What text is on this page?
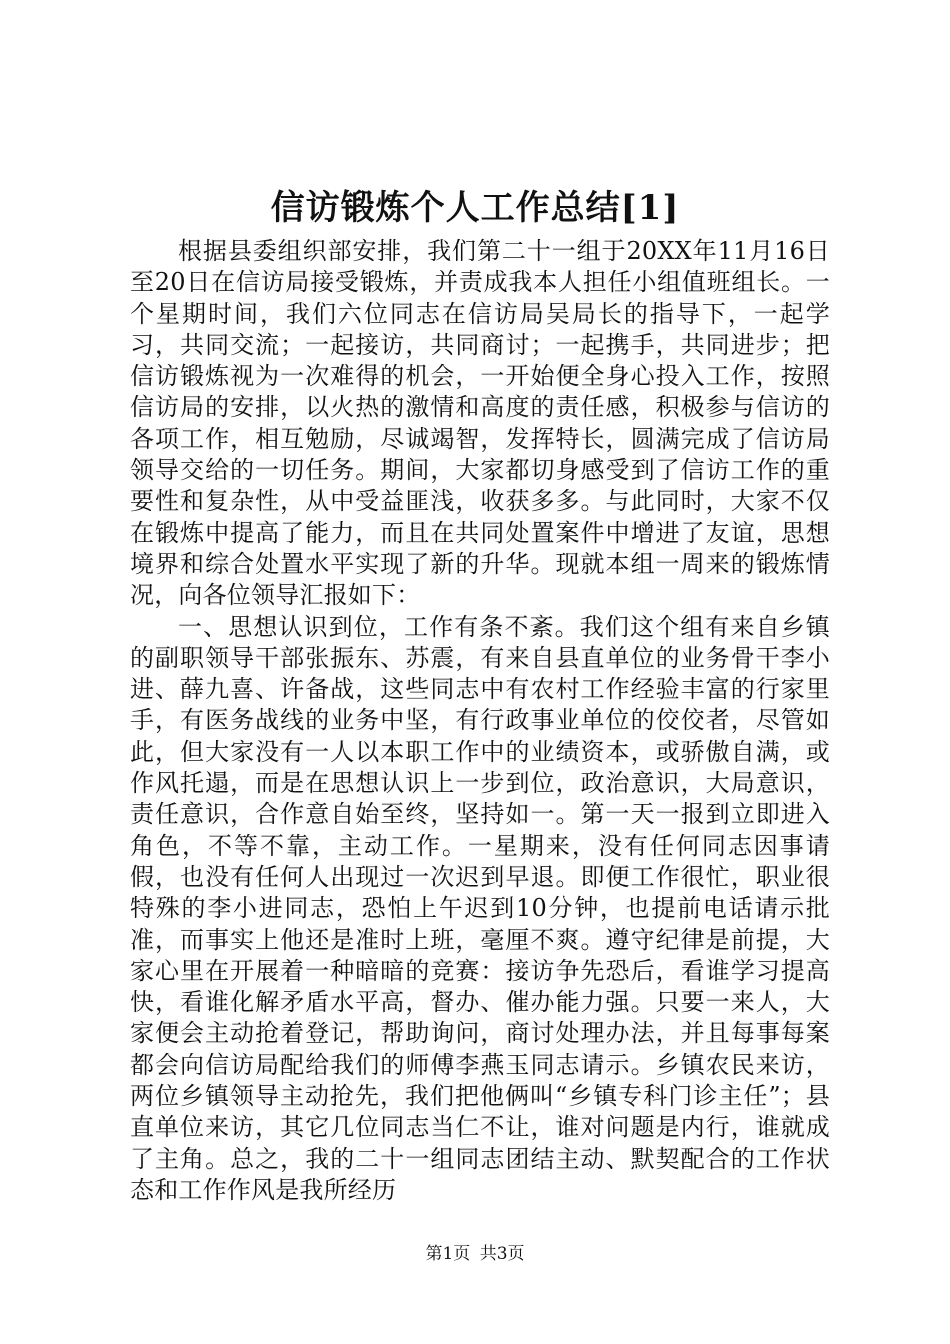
信访锻炼个人工作总结[1]

根据县委组织部安排，我们第二十一组于20XX年11月16日至20日在信访局接受锻炼，并责成我本人担任小组值班组长。一个星期时间，我们六位同志在信访局吴局长的指导下，一起学习，共同交流；一起接访，共同商讨；一起携手，共同进步；把信访锻炼视为一次难得的机会，一开始便全身心投入工作，按照信访局的安排，以火热的激情和高度的责任感，积极参与信访的各项工作，相互勉励，尽诚竭智，发挥特长，圆满完成了信访局领导交给的一切任务。期间，大家都切身感受到了信访工作的重要性和复杂性，从中受益匪浅，收获多多。与此同时，大家不仅在锻炼中提高了能力，而且在共同处置案件中增进了友谊，思想境界和综合处置水平实现了新的升华。现就本组一周来的锻炼情况，向各位领导汇报如下：

一、思想认识到位，工作有条不紊。我们这个组有来自乡镇的副职领导干部张振东、苏震，有来自县直单位的业务骨干李小进、薛九喜、许备战，这些同志中有农村工作经验丰富的行家里手，有医务战线的业务中坚，有行政事业单位的佼佼者，尽管如此，但大家没有一人以本职工作中的业绩资本，或骄傲自满，或作风托遢，而是在思想认识上一步到位，政治意识，大局意识，责任意识，合作意自始至终，坚持如一。第一天一报到立即进入角色，不等不靠，主动工作。一星期来，没有任何同志因事请假，也没有任何人出现过一次迟到早退。即便工作很忙，职业很特殊的李小进同志，恐怕上午迟到10分钟，也提前电话请示批准，而事实上他还是准时上班，毫厘不爽。遵守纪律是前提，大家心里在开展着一种暗暗的竞赛：接访争先恐后，看谁学习提高快，看谁化解矛盾水平高，督办、催办能力强。只要一来人，大家便会主动抢着登记，帮助询问，商讨处理办法，并且每事每案都会向信访局配给我们的师傅李燕玉同志请示。乡镇农民来访，两位乡镇领导主动抢先，我们把他俩叫“乡镇专科门诊主任”；县直单位来访，其它几位同志当仁不让，谁对问题是内行，谁就成了主角。总之，我的二十一组同志团结主动、默契配合的工作状态和工作作风是我所经历

第1页 共3页
